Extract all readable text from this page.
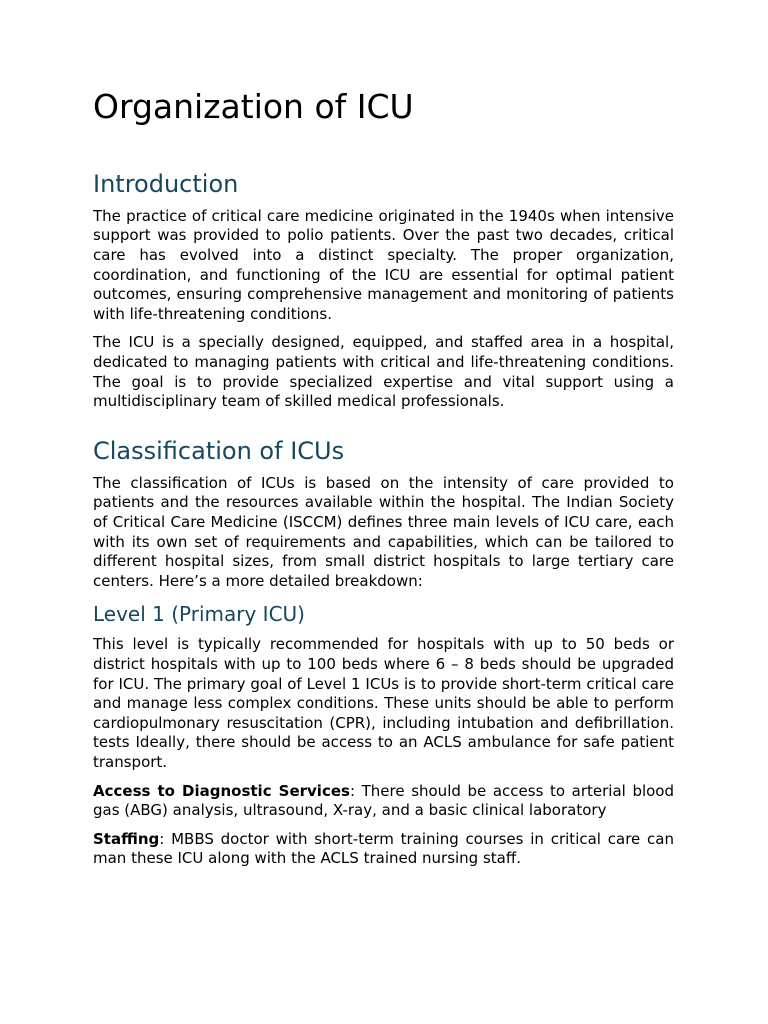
Organization of ICU
Introduction

The practice of critical care medicine originated in the 1940s when intensive support was provided to polio patients. Over the past two decades, critical care has evolved into a distinct specialty. The proper organization, coordination, and functioning of the ICU are essential for optimal patient outcomes, ensuring comprehensive management and monitoring of patients with life-threatening conditions.

The ICU is a specially designed, equipped, and staffed area in a hospital, dedicated to managing patients with critical and life-threatening conditions. The goal is to provide specialized expertise and vital support using a multidisciplinary team of skilled medical professionals.

Classification of ICUs

The classification of ICUs is based on the intensity of care provided to patients and the resources available within the hospital. The Indian Society of Critical Care Medicine (ISCCM) defines three main levels of ICU care, each with its own set of requirements and capabilities, which can be tailored to different hospital sizes, from small district hospitals to large tertiary care centers. Here’s a more detailed breakdown:

Level 1 (Primary ICU)

This level is typically recommended for hospitals with up to 50 beds or district hospitals with up to 100 beds where 6 – 8 beds should be upgraded for ICU. The primary goal of Level 1 ICUs is to provide short-term critical care and manage less complex conditions. These units should be able to perform cardiopulmonary resuscitation (CPR), including intubation and defibrillation. tests Ideally, there should be access to an ACLS ambulance for safe patient transport.

Access to Diagnostic Services: There should be access to arterial blood gas (ABG) analysis, ultrasound, X-ray, and a basic clinical laboratory

Staffing: MBBS doctor with short-term training courses in critical care can man these ICU along with the ACLS trained nursing staff.
